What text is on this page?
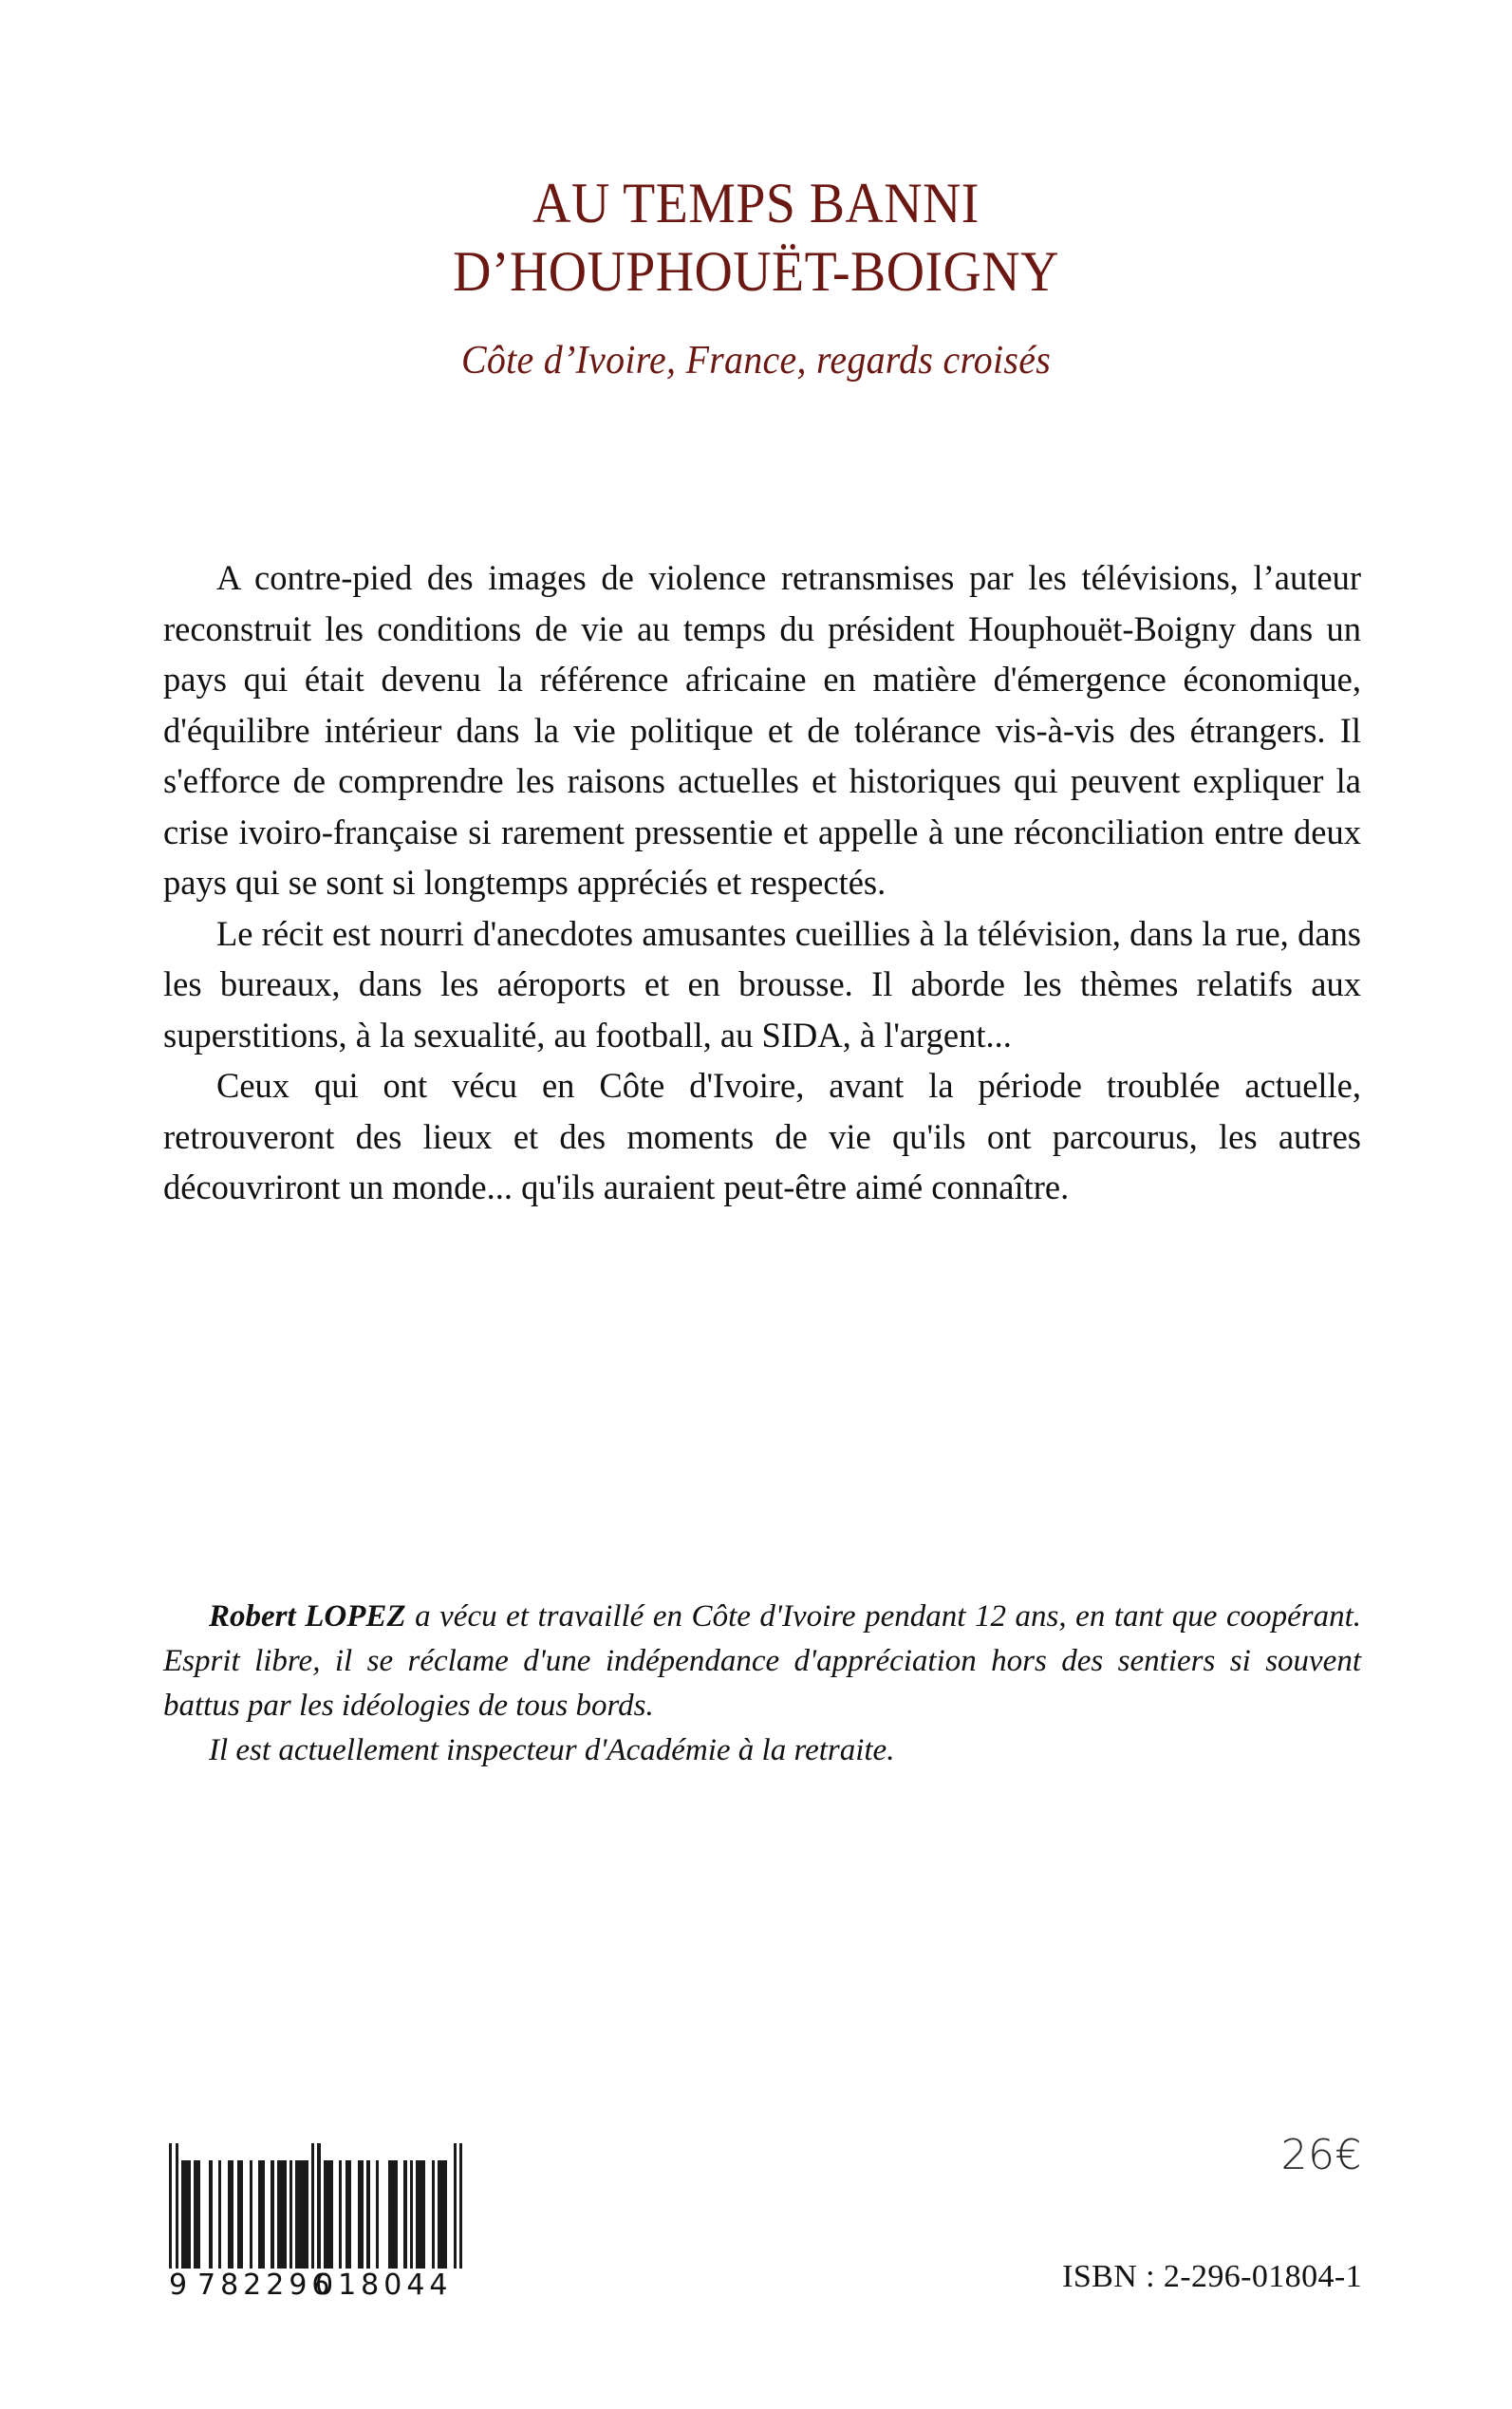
AU TEMPS BANNI
D’HOUPHOUËT-BOIGNY
Côte d’Ivoire, France, regards croisés

A contre-pied des images de violence retransmises par les télévisions, l’auteur reconstruit les conditions de vie au temps du président Houphouët-Boigny dans un pays qui était devenu la référence africaine en matière d'émergence économique, d'équilibre intérieur dans la vie politique et de tolérance vis-à-vis des étrangers. Il s'efforce de comprendre les raisons actuelles et historiques qui peuvent expliquer la crise ivoiro-française si rarement pressentie et appelle à une réconciliation entre deux pays qui se sont si longtemps appréciés et respectés.

Le récit est nourri d'anecdotes amusantes cueillies à la télévision, dans la rue, dans les bureaux, dans les aéroports et en brousse. Il aborde les thèmes relatifs aux superstitions, à la sexualité, au football, au SIDA, à l'argent...

Ceux qui ont vécu en Côte d'Ivoire, avant la période troublée actuelle, retrouveront des lieux et des moments de vie qu'ils ont parcourus, les autres découvriront un monde... qu'ils auraient peut-être aimé connaître.

Robert LOPEZ a vécu et travaillé en Côte d'Ivoire pendant 12 ans, en tant que coopérant. Esprit libre, il se réclame d'une indépendance d'appréciation hors des sentiers si souvent battus par les idéologies de tous bords.

Il est actuellement inspecteur d'Académie à la retraite.

9 782296
018044
26€
ISBN : 2-296-01804-1
